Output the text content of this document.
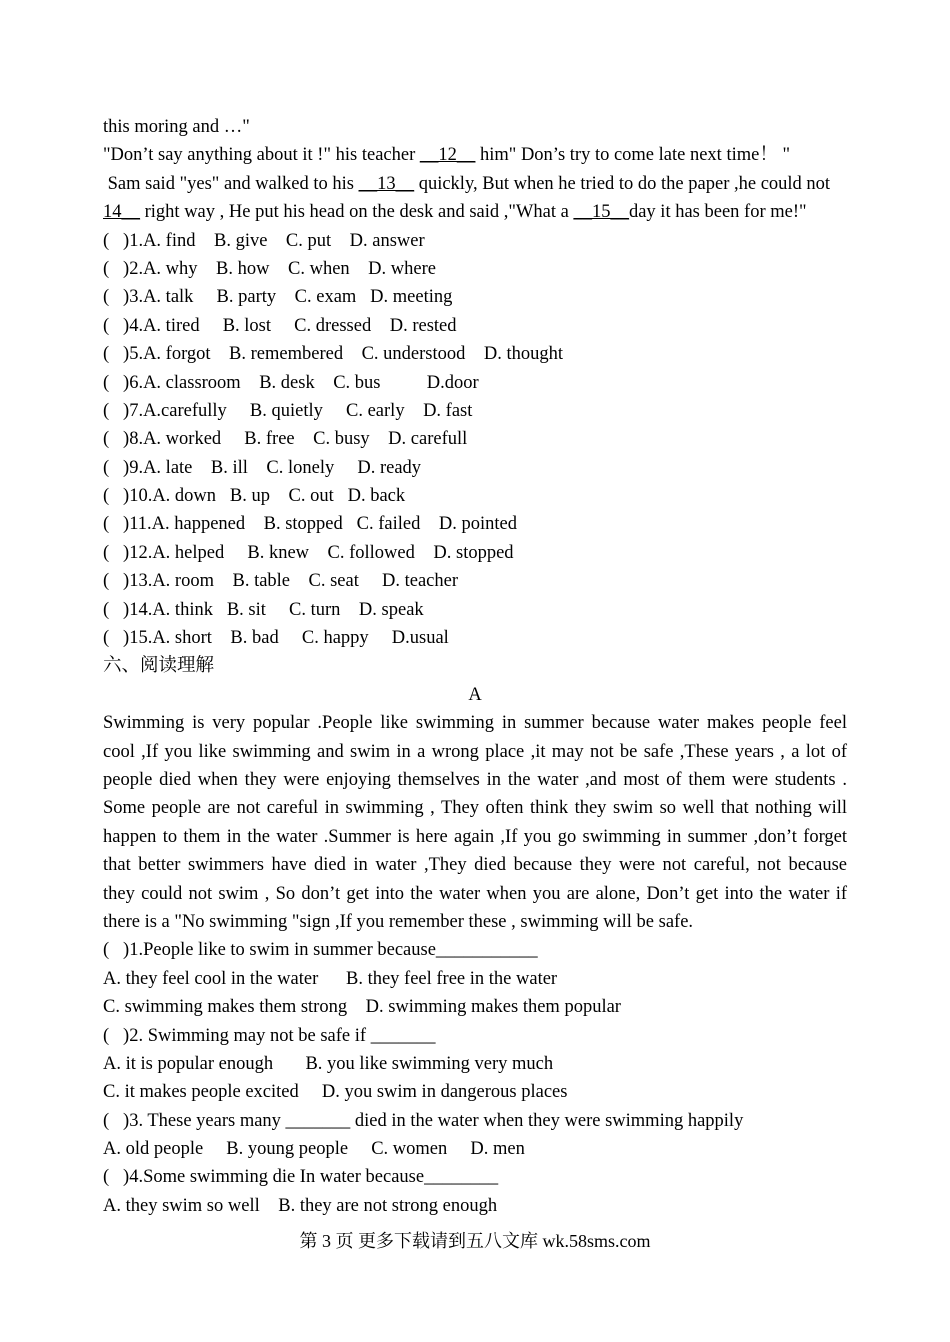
this moring and …"
"Don’t say anything about it !" his teacher __12__ him" Don’s try to come late next time！ "
Sam said "yes" and walked to his __13__ quickly, But when he tried to do the paper ,he could not
14__ right way , He put his head on the desk and said ,"What a __15__day it has been for me!"
(   )1.A. find    B. give    C. put    D. answer
(   )2.A. why    B. how    C. when    D. where
(   )3.A. talk     B. party    C. exam   D. meeting
(   )4.A. tired     B. lost     C. dressed    D. rested
(   )5.A. forgot    B. remembered    C. understood    D. thought
(   )6.A. classroom    B. desk    C. bus          D.door
(   )7.A.carefully     B. quietly     C. early    D. fast
(   )8.A. worked     B. free    C. busy    D. carefull
(   )9.A. late    B. ill    C. lonely     D. ready
(   )10.A. down   B. up    C. out   D. back
(   )11.A. happened    B. stopped   C. failed    D. pointed
(   )12.A. helped     B. knew    C. followed    D. stopped
(   )13.A. room    B. table    C. seat     D. teacher
(   )14.A. think   B. sit     C. turn    D. speak
(   )15.A. short    B. bad     C. happy     D.usual
六、阅读理解
A
Swimming is very popular .People like swimming in summer because water makes people feel
cool ,If you like swimming and swim in a wrong place ,it may not be safe ,These years , a lot of
people died when they were enjoying themselves in the water ,and most of them were students .
Some people are not careful in swimming , They often think they swim so well that nothing will
happen to them in the water .Summer is here again ,If you go swimming in summer ,don’t forget
that better swimmers have died in water ,They died because they were not careful, not because
they could not swim , So don’t get into the water when you are alone, Don’t get into the water if
there is a "No swimming "sign ,If you remember these , swimming will be safe.
(   )1.People like to swim in summer because___________
A. they feel cool in the water      B. they feel free in the water
C. swimming makes them strong    D. swimming makes them popular
(   )2. Swimming may not be safe if _______
A. it is popular enough       B. you like swimming very much
C. it makes people excited     D. you swim in dangerous places
(   )3. These years many _______ died in the water when they were swimming happily
A. old people     B. young people     C. women     D. men
(   )4.Some swimming die In water because________
A. they swim so well    B. they are not strong enough
第 3 页 更多下载请到五八文库 wk.58sms.com
